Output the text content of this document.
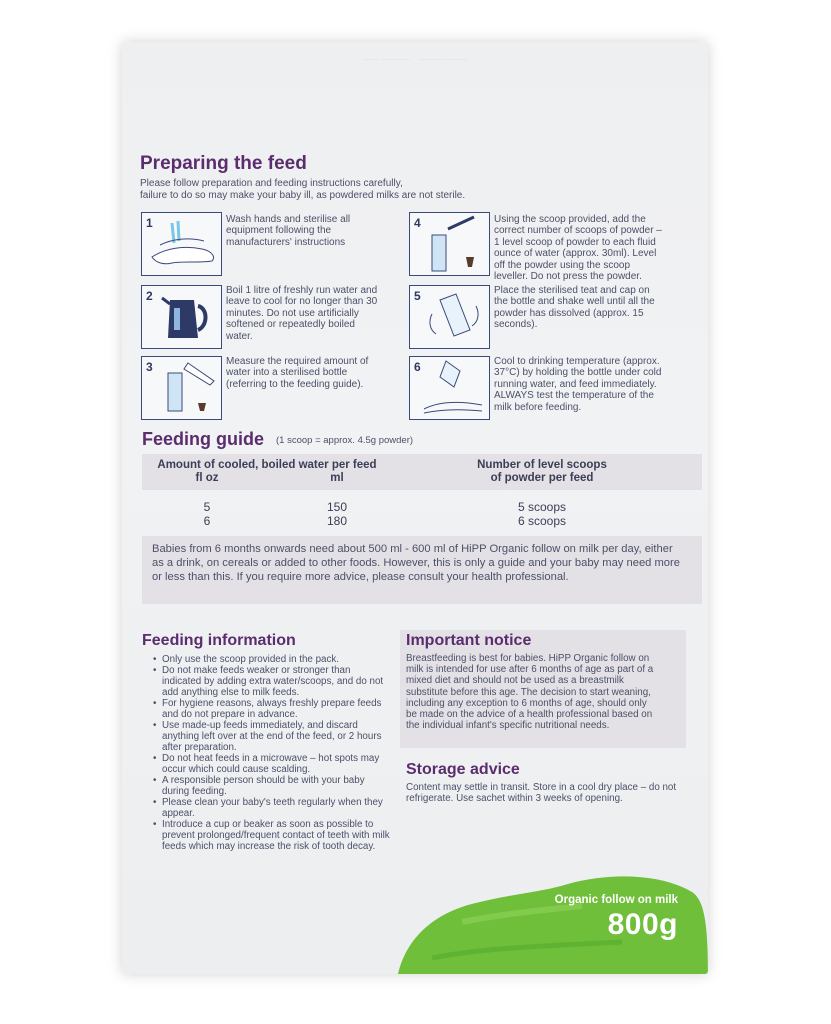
Preparing the feed

Please follow preparation and feeding instructions carefully,

failure to do so may make your baby ill, as powdered milks are not sterile.

1	Wash hands and sterilise all equipment following the manufacturers' instructions

2	Boil 1 litre of freshly run water and leave to cool for no longer than 30 minutes. Do not use artificially softened or repeatedly boiled water.

3	Measure the required amount of water into a sterilised bottle (referring to the feeding guide).

4	Using the scoop provided, add the correct number of scoops of powder – 1 level scoop of powder to each fluid ounce of water (approx. 30ml). Level off the powder using the scoop leveller. Do not press the powder.

5	Place the sterilised teat and cap on the bottle and shake well until all the powder has dissolved (approx. 15 seconds).

6	Cool to drinking temperature (approx. 37°C) by holding the bottle under cold running water, and feed immediately. ALWAYS test the temperature of the milk before feeding.

Feeding guide (1 scoop = approx. 4.5g powder)
Amount of cooled, boiled water per feed
fl oz	ml
Number of level scoops
of powder per feed
5	150	5 scoops
6	180	6 scoops

Babies from 6 months onwards need about 500 ml - 600 ml of HiPP Organic follow on milk per day, either as a drink, on cereals or added to other foods. However, this is only a guide and your baby may need more or less than this. If you require more advice, please consult your health professional.

Feeding information
• Only use the scoop provided in the pack.
• Do not make feeds weaker or stronger than indicated by adding extra water/scoops, and do not add anything else to milk feeds.
• For hygiene reasons, always freshly prepare feeds and do not prepare in advance.
• Use made-up feeds immediately, and discard anything left over at the end of the feed, or 2 hours after preparation.
• Do not heat feeds in a microwave – hot spots may occur which could cause scalding.
• A responsible person should be with your baby during feeding.
• Please clean your baby's teeth regularly when they appear.
• Introduce a cup or beaker as soon as possible to prevent prolonged/frequent contact of teeth with milk feeds which may increase the risk of tooth decay.
Important notice

Breastfeeding is best for babies. HiPP Organic follow on milk is intended for use after 6 months of age as part of a mixed diet and should not be used as a breastmilk substitute before this age. The decision to start weaning, including any exception to 6 months of age, should only be made on the advice of a health professional based on the individual infant's specific nutritional needs.

Storage advice

Content may settle in transit. Store in a cool dry place – do not refrigerate. Use sachet within 3 weeks of opening.

Organic follow on milk
800g
